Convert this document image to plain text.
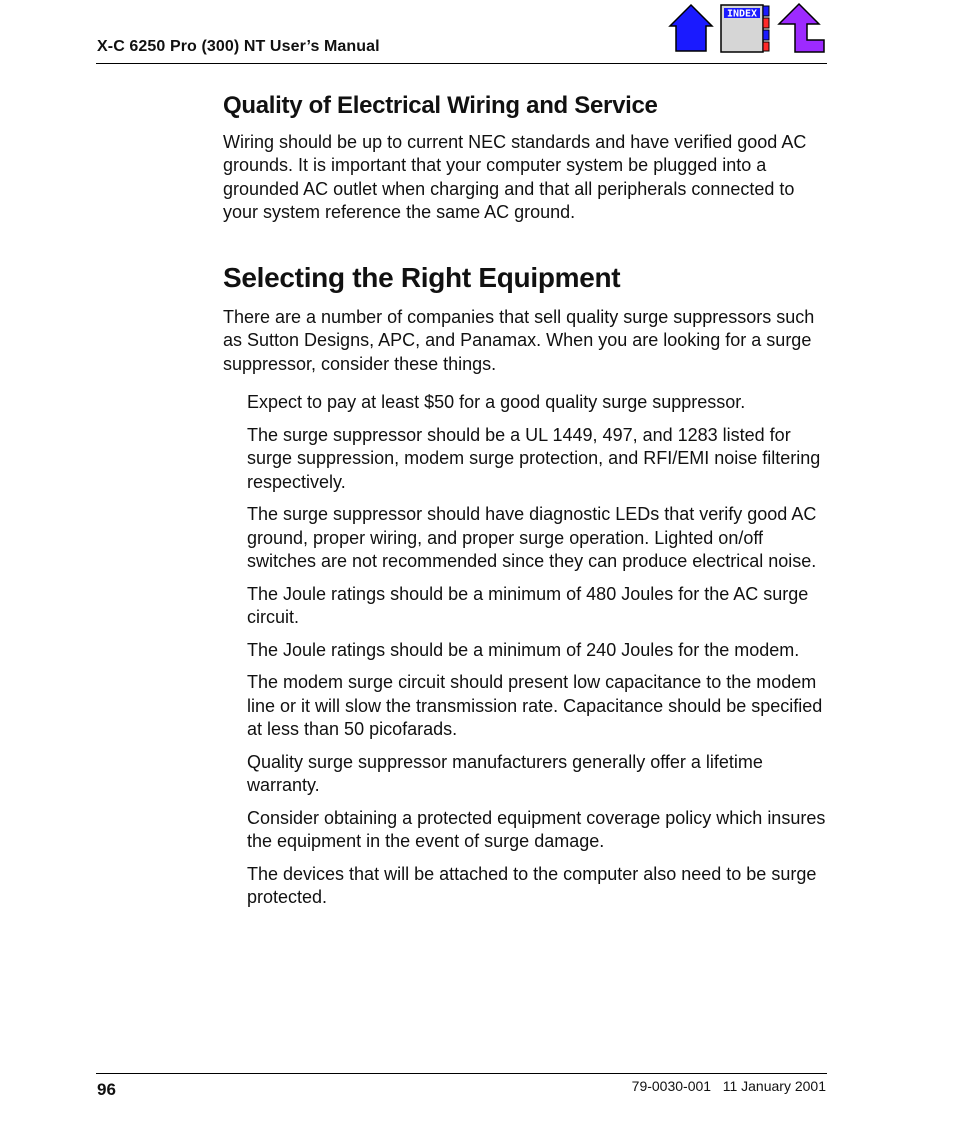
X-C 6250 Pro (300) NT User’s Manual
INDEX
Quality of Electrical Wiring and Service

Wiring should be up to current NEC standards and have verified good AC grounds. It is important that your computer system be plugged into a grounded AC outlet when charging and that all peripherals connected to your system reference the same AC ground.

Selecting the Right Equipment

There are a number of companies that sell quality surge suppressors such as Sutton Designs, APC, and Panamax. When you are looking for a surge suppressor, consider these things.

Expect to pay at least $50 for a good quality surge suppressor.
The surge suppressor should be a UL 1449, 497, and 1283 listed for surge suppression, modem surge protection, and RFI/EMI noise filtering respectively.
The surge suppressor should have diagnostic LEDs that verify good AC ground, proper wiring, and proper surge operation. Lighted on/off switches are not recommended since they can produce electrical noise.
The Joule ratings should be a minimum of 480 Joules for the AC surge circuit.
The Joule ratings should be a minimum of 240 Joules for the modem.
The modem surge circuit should present low capacitance to the modem line or it will slow the transmission rate. Capacitance should be specified at less than 50 picofarads.
Quality surge suppressor manufacturers generally offer a lifetime warranty.
Consider obtaining a protected equipment coverage policy which insures the equipment in the event of surge damage.
The devices that will be attached to the computer also need to be surge protected.
96	79-0030-001   11 January 2001
